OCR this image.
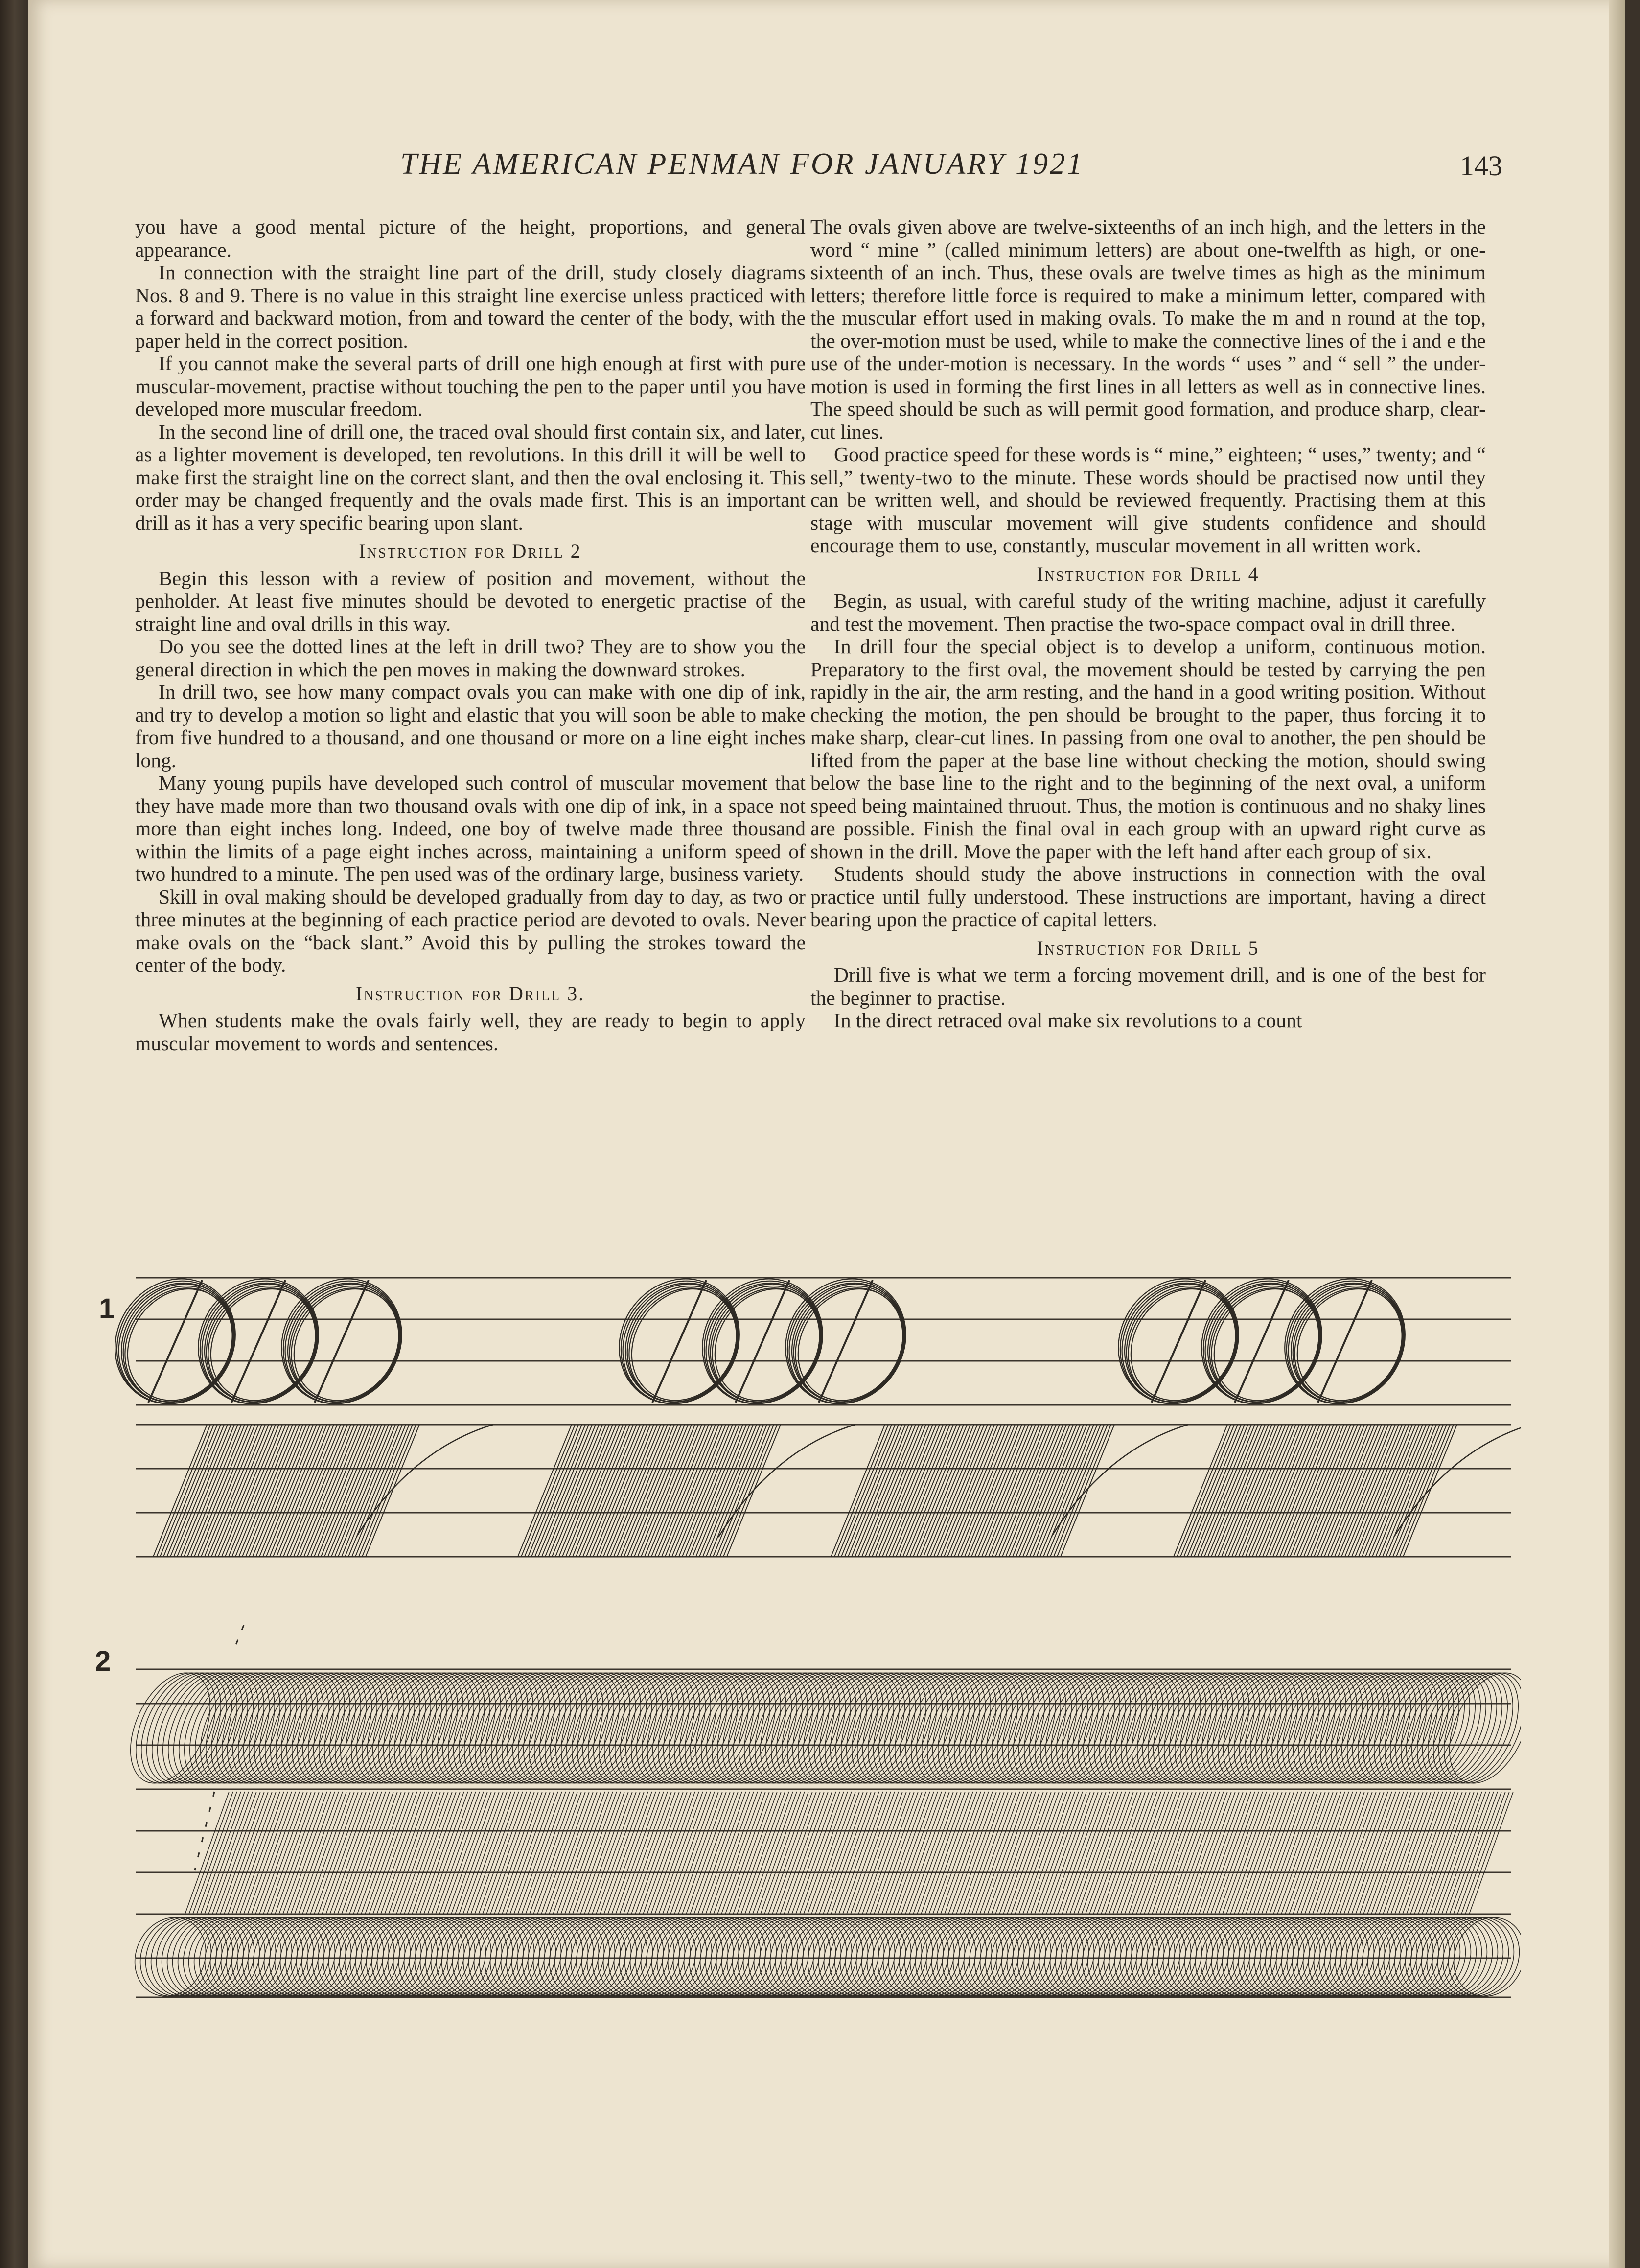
THE AMERICAN PENMAN FOR JANUARY 1921	143

you have a good mental picture of the height, proportions, and general appearance.

In connection with the straight line part of the drill, study closely diagrams Nos. 8 and 9. There is no value in this straight line exercise unless practiced with a forward and backward motion, from and toward the center of the body, with the paper held in the correct position.

If you cannot make the several parts of drill one high enough at first with pure muscular-movement, practise without touching the pen to the paper until you have developed more muscular freedom.

In the second line of drill one, the traced oval should first contain six, and later, as a lighter movement is developed, ten revolutions. In this drill it will be well to make first the straight line on the correct slant, and then the oval enclosing it. This order may be changed frequently and the ovals made first. This is an important drill as it has a very specific bearing upon slant.

Instruction for Drill 2

Begin this lesson with a review of position and movement, without the penholder. At least five minutes should be devoted to energetic practise of the straight line and oval drills in this way.

Do you see the dotted lines at the left in drill two? They are to show you the general direction in which the pen moves in making the downward strokes.

In drill two, see how many compact ovals you can make with one dip of ink, and try to develop a motion so light and elastic that you will soon be able to make from five hundred to a thousand, and one thousand or more on a line eight inches long.

Many young pupils have developed such control of muscular movement that they have made more than two thousand ovals with one dip of ink, in a space not more than eight inches long. Indeed, one boy of twelve made three thousand within the limits of a page eight inches across, maintaining a uniform speed of two hundred to a minute. The pen used was of the ordinary large, business variety.

Skill in oval making should be developed gradually from day to day, as two or three minutes at the beginning of each practice period are devoted to ovals. Never make ovals on the “back slant.” Avoid this by pulling the strokes toward the center of the body.

Instruction for Drill 3.

When students make the ovals fairly well, they are ready to begin to apply muscular movement to words and sentences.

The ovals given above are twelve-sixteenths of an inch high, and the letters in the word “ mine ” (called minimum letters) are about one-twelfth as high, or one-sixteenth of an inch. Thus, these ovals are twelve times as high as the minimum letters; therefore little force is required to make a minimum letter, compared with the muscular effort used in making ovals. To make the m and n round at the top, the over-motion must be used, while to make the connective lines of the i and e the use of the under-motion is necessary. In the words “ uses ” and “ sell ” the under-motion is used in forming the first lines in all letters as well as in connective lines. The speed should be such as will permit good formation, and produce sharp, clear-cut lines.

Good practice speed for these words is “ mine,” eighteen; “ uses,” twenty; and “ sell,” twenty-two to the minute. These words should be practised now until they can be written well, and should be reviewed frequently. Practising them at this stage with muscular movement will give students confidence and should encourage them to use, constantly, muscular movement in all written work.

Instruction for Drill 4

Begin, as usual, with careful study of the writing machine, adjust it carefully and test the movement. Then practise the two-space compact oval in drill three.

In drill four the special object is to develop a uniform, continuous motion. Preparatory to the first oval, the movement should be tested by carrying the pen rapidly in the air, the arm resting, and the hand in a good writing position. Without checking the motion, the pen should be brought to the paper, thus forcing it to make sharp, clear-cut lines. In passing from one oval to another, the pen should be lifted from the paper at the base line without checking the motion, should swing below the base line to the right and to the beginning of the next oval, a uniform speed being maintained thruout. Thus, the motion is continuous and no shaky lines are possible. Finish the final oval in each group with an upward right curve as shown in the drill. Move the paper with the left hand after each group of six.

Students should study the above instructions in connection with the oval practice until fully understood. These instructions are important, having a direct bearing upon the practice of capital letters.

Instruction for Drill 5

Drill five is what we term a forcing movement drill, and is one of the best for the beginner to practise.

In the direct retraced oval make six revolutions to a count

1
2
